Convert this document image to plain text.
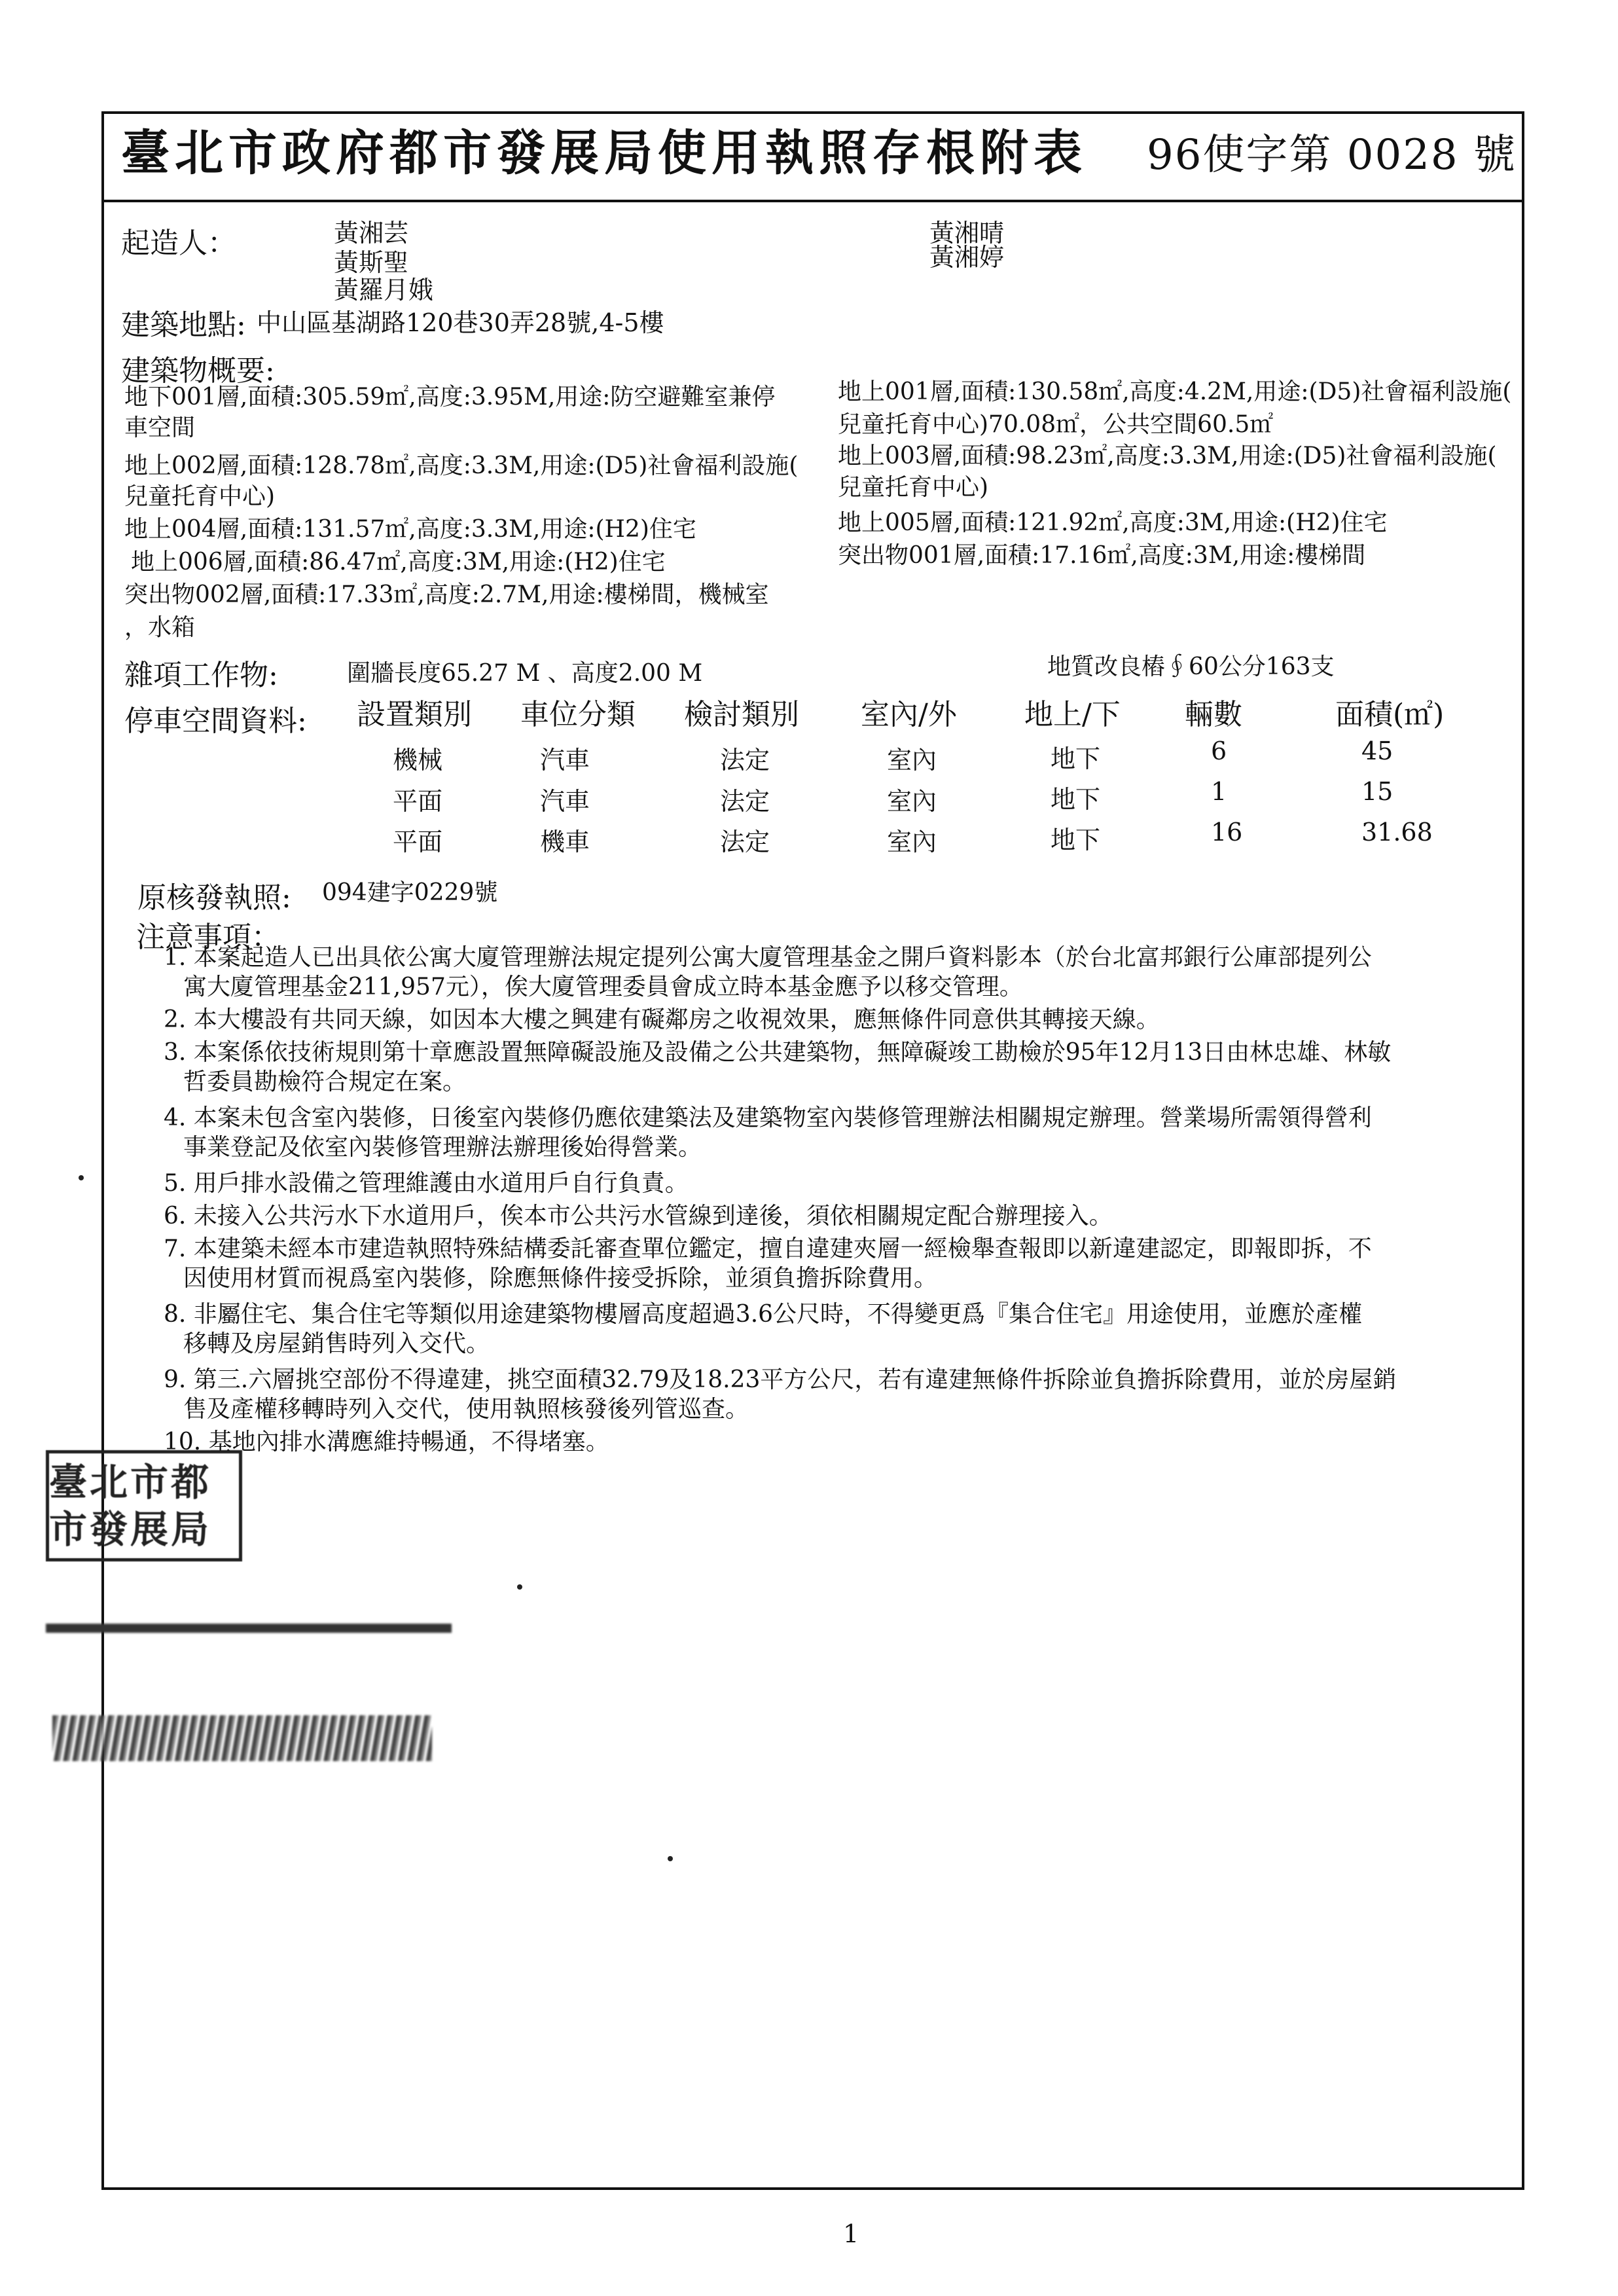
臺北市政府都市發展局使用執照存根附表 96使字第 0028 號
起造人：	黃湘芸
黃斯聖
黃羅月娥
黃湘晴
黃湘婷
建築地點: 中山區基湖路120巷30弄28號,4-5樓
建築物概要:
地下001層,面積:305.59㎡,高度:3.95M,用途:防空避難室兼停
車空間
地上002層,面積:128.78㎡,高度:3.3M,用途:(D5)社會福利設施(
兒童托育中心)
地上004層,面積:131.57㎡,高度:3.3M,用途:(H2)住宅
地上006層,面積:86.47㎡,高度:3M,用途:(H2)住宅
突出物002層,面積:17.33㎡,高度:2.7M,用途:樓梯間，機械室
，水箱
地上001層,面積:130.58㎡,高度:4.2M,用途:(D5)社會福利設施(
兒童托育中心)70.08㎡，公共空間60.5㎡
地上003層,面積:98.23㎡,高度:3.3M,用途:(D5)社會福利設施(
兒童托育中心)
地上005層,面積:121.92㎡,高度:3M,用途:(H2)住宅
突出物001層,面積:17.16㎡,高度:3M,用途:樓梯間
雜項工作物:	圍牆長度65.27 M 、高度2.00 M	地質改良樁∮60公分163支
停車空間資料: 設置類別 車位分類 檢討類別 室內/外 地上/下 輛數	面積(㎡)
機械	汽車	法定	室內	地下	6	45
平面	汽車	法定	室內	地下	1	15
平面	機車	法定	室內	地下	16	31.68
原核發執照: 094建字0229號
注意事項：
1. 本案起造人已出具依公寓大廈管理辦法規定提列公寓大廈管理基金之開戶資料影本（於台北富邦銀行公庫部提列公
寓大廈管理基金211,957元），俟大廈管理委員會成立時本基金應予以移交管理。
2. 本大樓設有共同天線，如因本大樓之興建有礙鄰房之收視效果，應無條件同意供其轉接天線。
3. 本案係依技術規則第十章應設置無障礙設施及設備之公共建築物，無障礙竣工勘檢於95年12月13日由林忠雄、林敏
哲委員勘檢符合規定在案。
4. 本案未包含室內裝修，日後室內裝修仍應依建築法及建築物室內裝修管理辦法相關規定辦理。營業場所需領得營利
事業登記及依室內裝修管理辦法辦理後始得營業。
5. 用戶排水設備之管理維護由水道用戶自行負責。
6. 未接入公共污水下水道用戶，俟本市公共污水管線到達後，須依相關規定配合辦理接入。
7. 本建築未經本市建造執照特殊結構委託審查單位鑑定，擅自違建夾層一經檢舉查報即以新違建認定，即報即拆，不
因使用材質而視爲室內裝修，除應無條件接受拆除，並須負擔拆除費用。
8. 非屬住宅、集合住宅等類似用途建築物樓層高度超過3.6公尺時，不得變更爲『集合住宅』用途使用，並應於產權
移轉及房屋銷售時列入交代。
9. 第三.六層挑空部份不得違建，挑空面積32.79及18.23平方公尺，若有違建無條件拆除並負擔拆除費用，並於房屋銷
售及產權移轉時列入交代，使用執照核發後列管巡查。
10. 基地內排水溝應維持暢通，不得堵塞。
臺北市都市發展局
1
